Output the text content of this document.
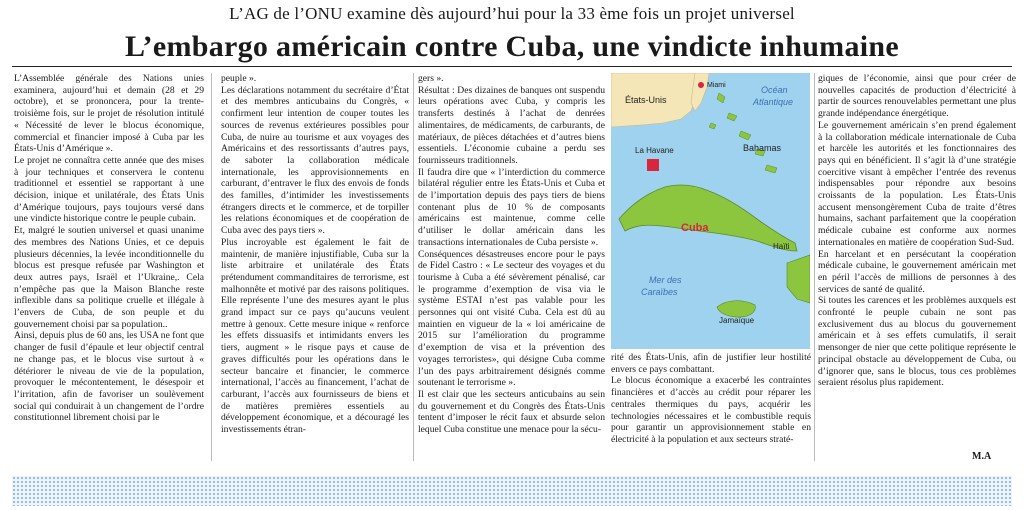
L’AG de l’ONU examine dès aujourd’hui pour la 33 ème fois un projet universel
L’embargo américain contre Cuba, une vindicte inhumaine

L’Assemblée générale des Nations unies examinera, aujourd’hui et demain (28 et 29 octobre), et se prononcera, pour la trente-troisième fois, sur le projet de résolution intitulé « Nécessité de lever le blocus économique, commercial et financier imposé à Cuba par les États-Unis d’Amérique ».

Le projet ne connaîtra cette année que des mises à jour techniques et conservera le contenu traditionnel et essentiel se rapportant à une décision, inique et unilatérale, des États Unis d’Amérique toujours, pays toujours versé dans une vindicte historique contre le peuple cubain.

Et, malgré le soutien universel et quasi unanime des membres des Nations Unies, et ce depuis plusieurs décennies, la levée inconditionnelle du blocus est presque refusée par Washington et deux autres pays, Israël et l’Ukraine,. Cela n’empêche pas que la Maison Blanche reste inflexible dans sa politique cruelle et illégale à l’envers de Cuba, de son peuple et du gouvernement choisi par sa population..

Ainsi, depuis plus de 60 ans, les USA ne font que changer de fusil d’épaule et leur objectif central ne change pas, et le blocus vise surtout à « détériorer le niveau de vie de la population, provoquer le mécontentement, le désespoir et l’irritation, afin de favoriser un soulèvement social qui conduirait à un changement de l’ordre constitutionnel librement choisi par le

peuple ».

Les déclarations notamment du secrétaire d’État et des membres anticubains du Congrès, « confirment leur intention de couper toutes les sources de revenus extérieures possibles pour Cuba, de nuire au tourisme et aux voyages des Américains et des ressortissants d’autres pays, de saboter la collaboration médicale internationale, les approvisionnements en carburant, d’entraver le flux des envois de fonds des familles, d’intimider les investissements étrangers directs et le commerce, et de torpiller les relations économiques et de coopération de Cuba avec des pays tiers ».

Plus incroyable est également le fait de maintenir, de manière injustifiable, Cuba sur la liste arbitraire et unilatérale des États prétendument commanditaires de terrorisme, est malhonnête et motivé par des raisons politiques. Elle représente l’une des mesures ayant le plus grand impact sur ce pays qu’aucuns veulent mettre à genoux. Cette mesure inique « renforce les effets dissuasifs et intimidants envers les tiers, augment » le risque pays et cause de graves difficultés pour les opérations dans le secteur bancaire et financier, le commerce international, l’accès au financement, l’achat de carburant, l’accès aux fournisseurs de biens et de matières premières essentiels au développement économique, et a découragé les investissements étran-

gers ».

Résultat : Des dizaines de banques ont suspendu leurs opérations avec Cuba, y compris les transferts destinés à l’achat de denrées alimentaires, de médicaments, de carburants, de matériaux, de pièces détachées et d’autres biens essentiels. L’économie cubaine a perdu ses fournisseurs traditionnels.

Il faudra dire que « l’interdiction du commerce bilatéral régulier entre les États-Unis et Cuba et de l’importation depuis des pays tiers de biens contenant plus de 10 % de composants américains est maintenue, comme celle d’utiliser le dollar américain dans les transactions internationales de Cuba persiste ».

Conséquences désastreuses encore pour le pays de Fidel Castro : « Le secteur des voyages et du tourisme à Cuba a été sévèrement pénalisé, car le programme d’exemption de visa via le système ESTAI n’est pas valable pour les personnes qui ont visité Cuba. Cela est dû au maintien en vigueur de la « loi américaine de 2015 sur l’amélioration du programme d’exemption de visa et la prévention des voyages terroristes», qui désigne Cuba comme l’un des pays arbitrairement désignés comme soutenant le terrorisme ».

Il est clair que les secteurs anticubains au sein du gouvernement et du Congrès des États-Unis tentent d’imposer le récit faux et absurde selon lequel Cuba constitue une menace pour la sécu-

États-Unis
Miami	Océan
Atlantique
Bahamas
La Havane
Cuba
Haïti
Mer des
Caraïbes
Jamaïque

rité des États-Unis, afin de justifier leur hostilité envers ce pays combattant.

Le blocus économique a exacerbé les contraintes financières et d’accès au crédit pour réparer les centrales thermiques du pays, acquérir les technologies nécessaires et le combustible requis pour garantir un approvisionnement stable en électricité à la population et aux secteurs straté-

giques de l’économie, ainsi que pour créer de nouvelles capacités de production d’électricité à partir de sources renouvelables permettant une plus grande indépendance énergétique.

Le gouvernement américain s’en prend également à la collaboration médicale internationale de Cuba et harcèle les autorités et les fonctionnaires des pays qui en bénéficient. Il s’agit là d’une stratégie coercitive visant à empêcher l’entrée des revenus indispensables pour répondre aux besoins croissants de la population. Les États-Unis accusent mensongèrement Cuba de traite d’êtres humains, sachant parfaitement que la coopération médicale cubaine est conforme aux normes internationales en matière de coopération Sud-Sud.

En harcelant et en persécutant la coopération médicale cubaine, le gouvernement américain met en péril l’accès de millions de personnes à des services de santé de qualité.

Si toutes les carences et les problèmes auxquels est confronté le peuple cubain ne sont pas exclusivement dus au blocus du gouvernement américain et à ses effets cumulatifs, il serait mensonger de nier que cette politique représente le principal obstacle au développement de Cuba, ou d’ignorer que, sans le blocus, tous ces problèmes seraient résolus plus rapidement.

M.A
